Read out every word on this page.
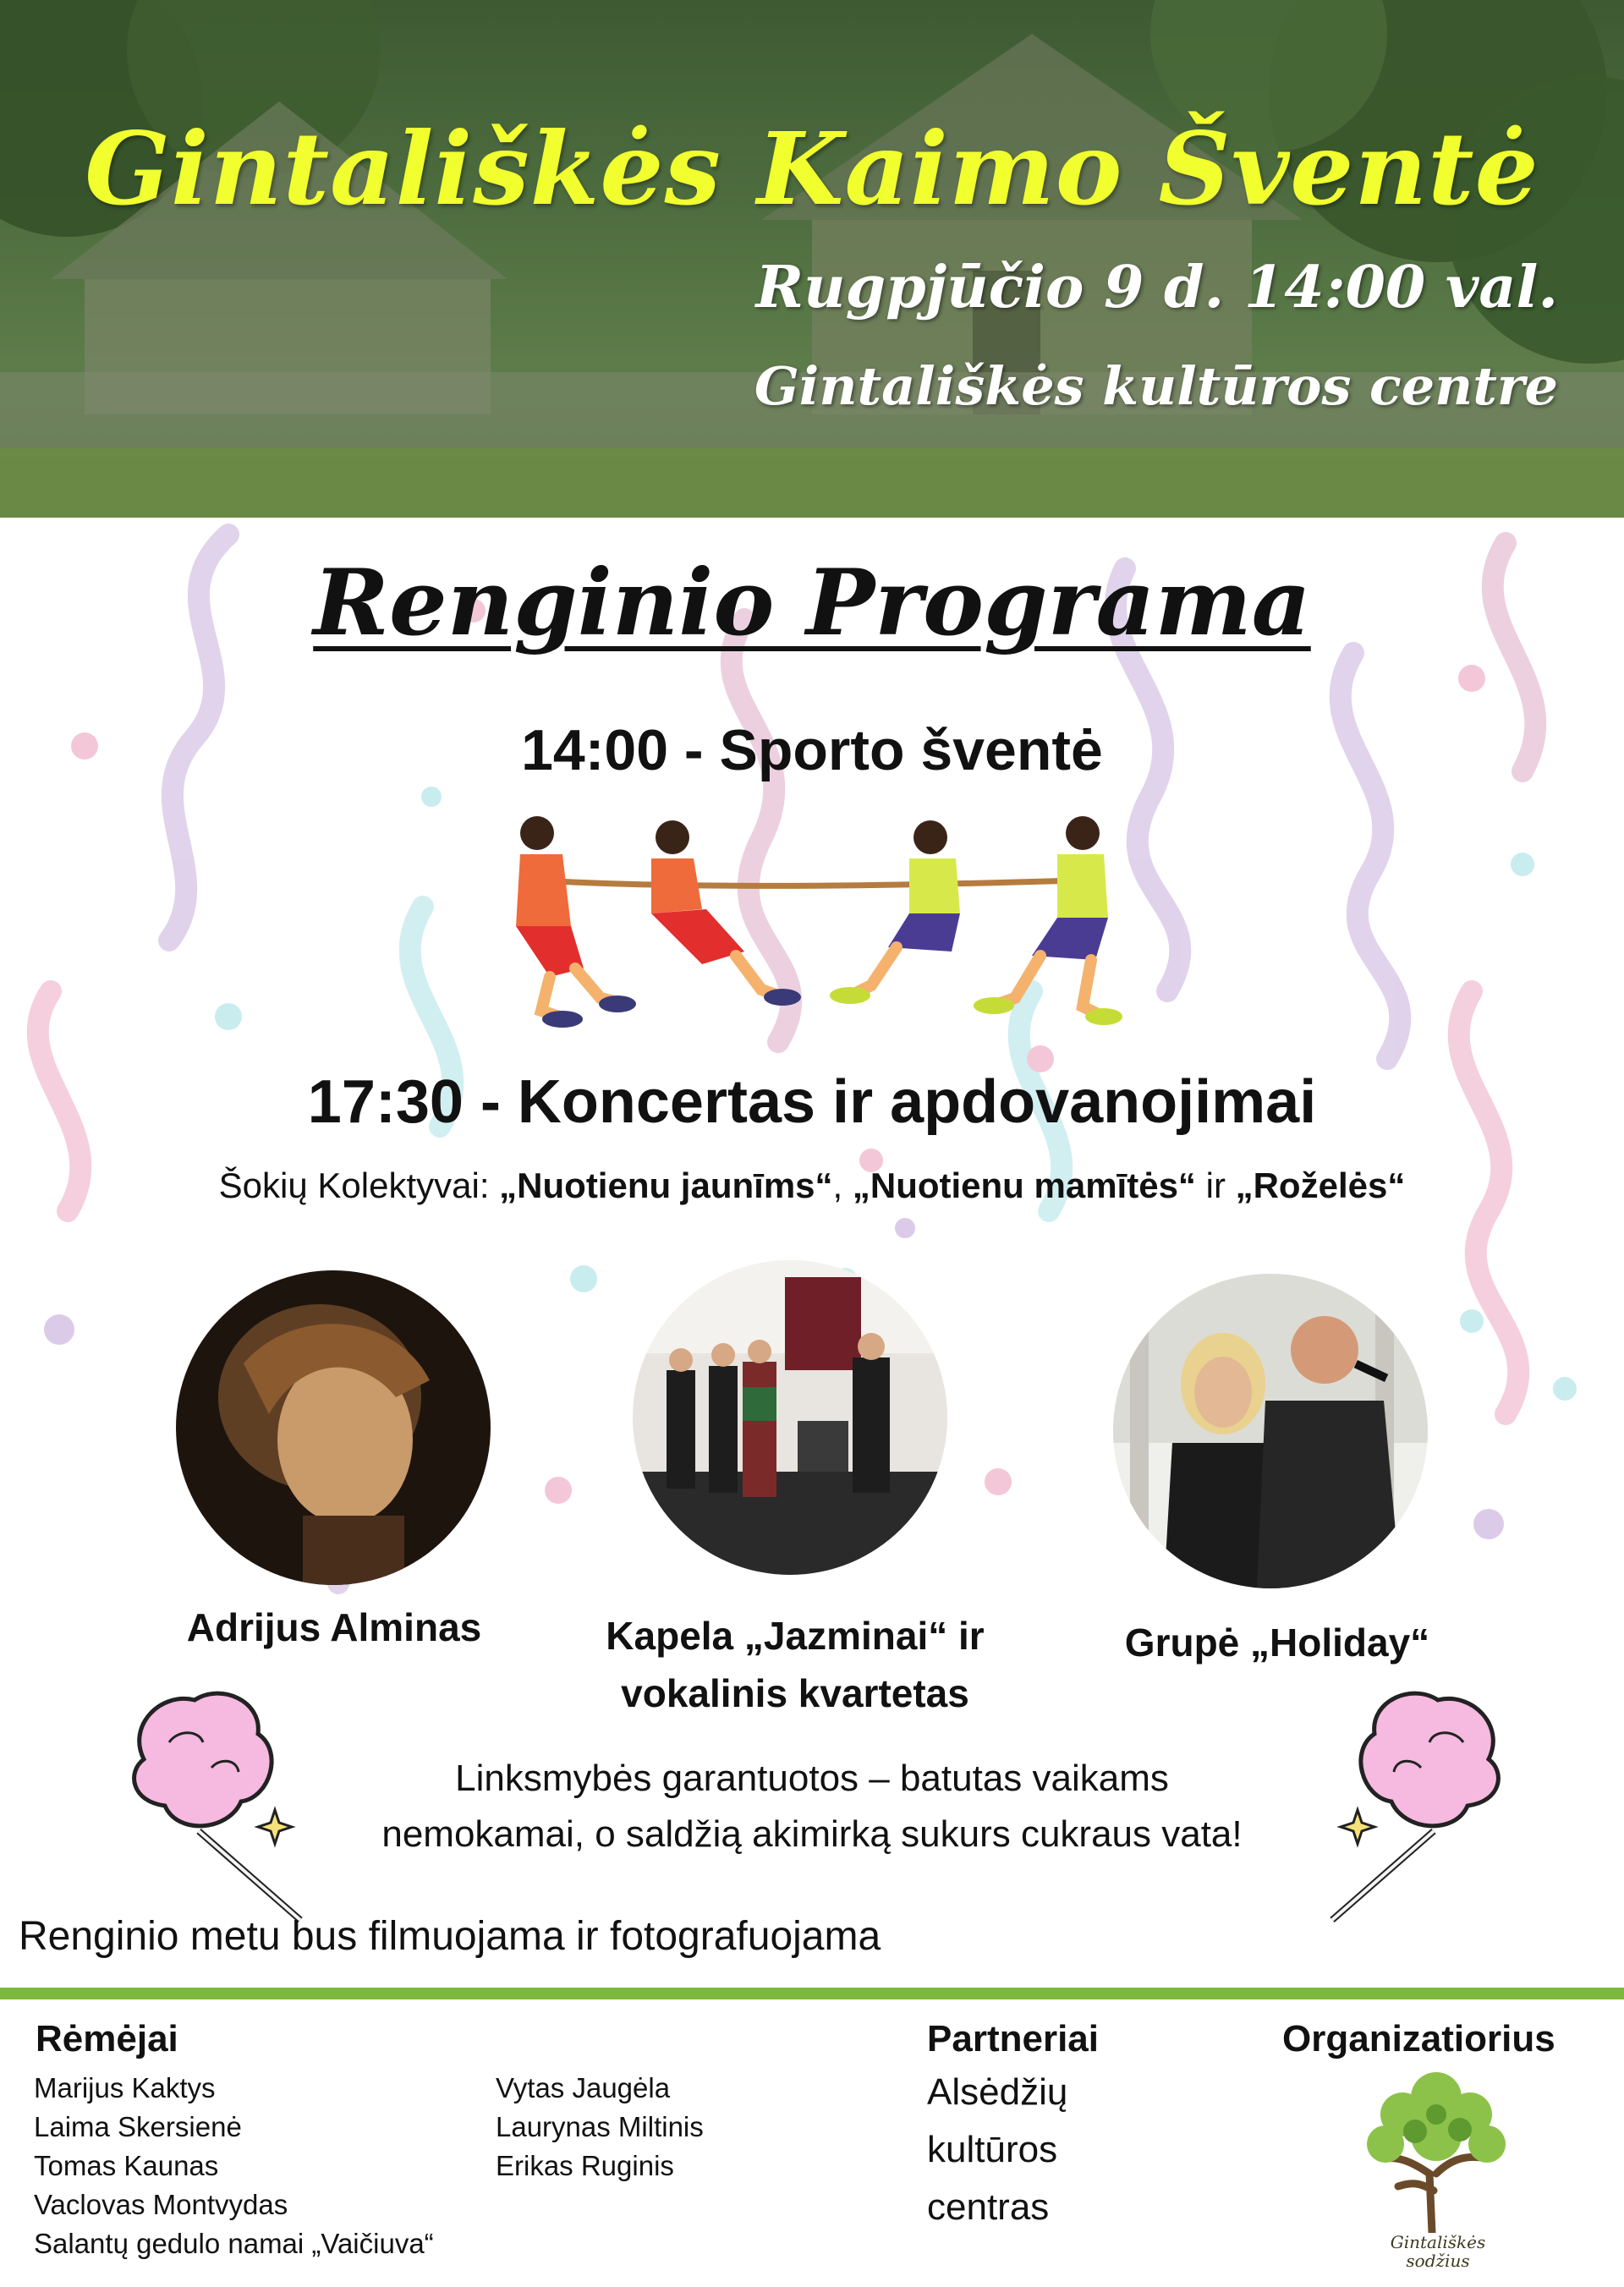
Gintališkės Kaimo Šventė
Rugpjūčio 9 d. 14:00 val.
Gintališkės kultūros centre
Renginio Programa
14:00 - Sporto šventė
17:30 - Koncertas ir apdovanojimai
Šokių Kolektyvai: „Nuotienu jaunīms“, „Nuotienu mamītės“ ir „Roželės“
Adrijus Alminas	Kapela „Jazminai“ ir
vokalinis kvartetas
Grupė „Holiday“
Linksmybės garantuotos – batutas vaikams
nemokamai, o saldžią akimirką sukurs cukraus vata!
Renginio metu bus filmuojama ir fotografuojama
Rėmėjai
Marijus Kaktys
Laima Skersienė
Tomas Kaunas
Vaclovas Montvydas
Salantų gedulo namai „Vaičiuva“
Vytas Jaugėla
Laurynas Miltinis
Erikas Ruginis
Partneriai
Alsėdžių
kultūros
centras
Organizatiorius
Gintališkės
sodžius
